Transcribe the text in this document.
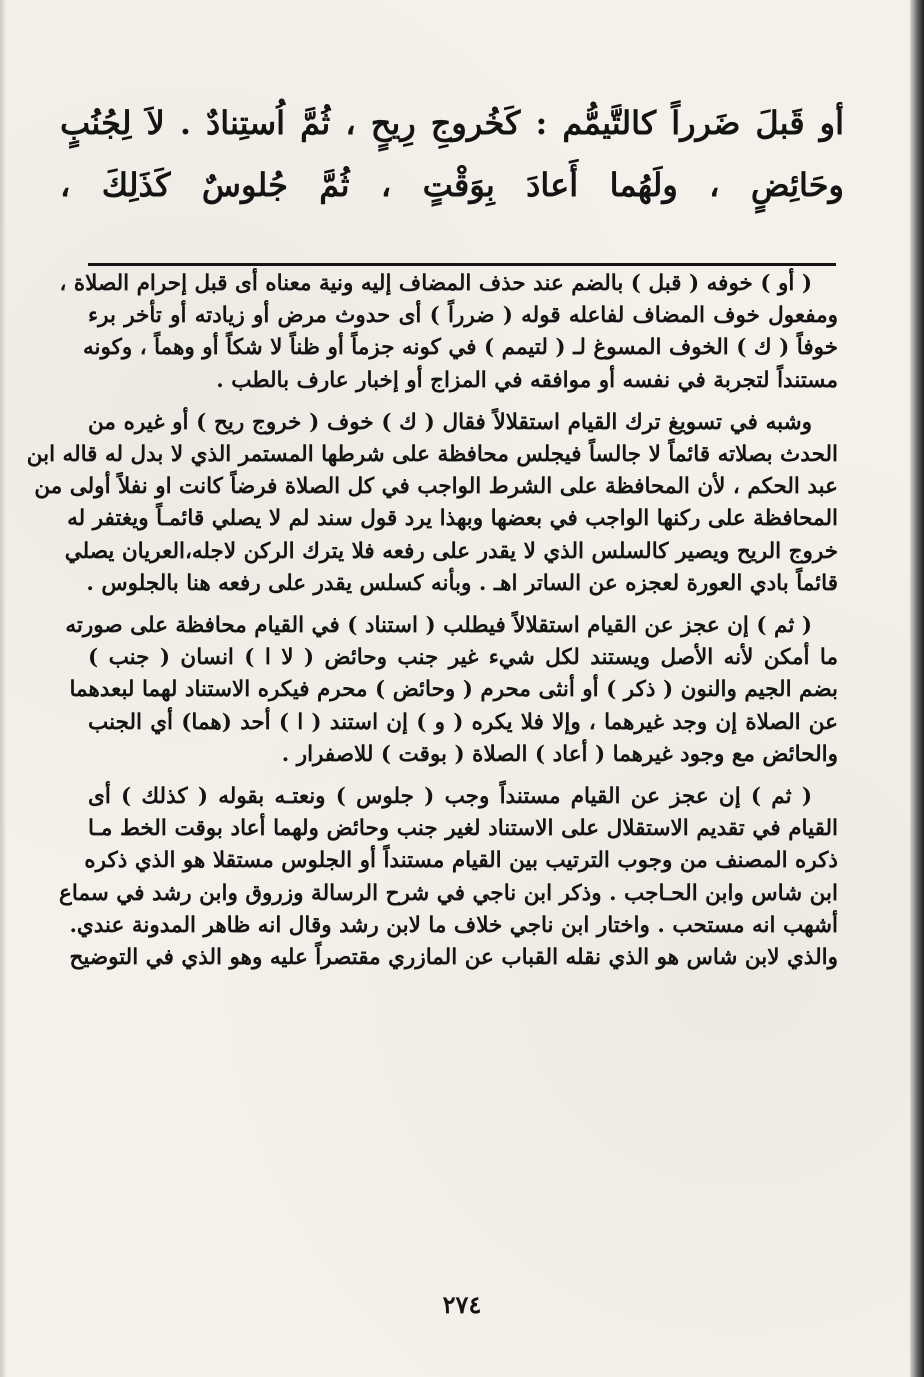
أو قَبلَ ضَرراً كالتَّيمُّم : كَخُروجِ رِيحٍ ، ثُمَّ اُستِنادٌ . لاَ لِجُنُبٍ
وحَائِضٍ ، ولَهُما أَعادَ بِوَقْتٍ ، ثُمَّ جُلوسٌ كَذَلِكَ ،
( أو ) خوفه ( قبل ) بالضم عند حذف المضاف إليه ونية معناه أى قبل إحرام الصلاة ،
ومفعول خوف المضاف لفاعله قوله ( ضرراً ) أى حدوث مرض أو زيادته أو تأخر برء
خوفاً ( ك ) الخوف المسوغ لـ ( لتيمم ) في كونه جزماً أو ظناً لا شكاً أو وهماً ، وكونه
مستنداً لتجربة في نفسه أو موافقه في المزاج أو إخبار عارف بالطب .
وشبه في تسويغ ترك القيام استقلالاً فقال ( ك ) خوف ( خروج ريح ) أو غيره من
الحدث بصلاته قائماً لا جالساً فيجلس محافظة على شرطها المستمر الذي لا بدل له قاله ابن
عبد الحكم ، لأن المحافظة على الشرط الواجب في كل الصلاة فرضاً كانت او نفلاً أولى من
المحافظة على ركنها الواجب في بعضها وبهذا يرد قول سند لم لا يصلي قائمـاً ويغتفر له
خروج الريح ويصير كالسلس الذي لا يقدر على رفعه فلا يترك الركن لاجله،العريان يصلي
قائماً بادي العورة لعجزه عن الساتر اهـ . وبأنه كسلس يقدر على رفعه هنا بالجلوس .
( ثم ) إن عجز عن القيام استقلالاً فيطلب ( استناد ) في القيام محافظة على صورته
ما أمكن لأنه الأصل ويستند لكل شيء غير جنب وحائض ( لا ا ) انسان ( جنب )
بضم الجيم والنون ( ذكر ) أو أنثى محرم ( وحائض ) محرم فيكره الاستناد لهما لبعدهما
عن الصلاة إن وجد غيرهما ، وإلا فلا يكره ( و ) إن استند ( ا ) أحد (هما) أي الجنب
والحائض مع وجود غيرهما ( أعاد ) الصلاة ( بوقت ) للاصفرار .
( ثم ) إن عجز عن القيام مستنداً وجب ( جلوس ) ونعتـه بقوله ( كذلك ) أى
القيام في تقديم الاستقلال على الاستناد لغير جنب وحائض ولهما أعاد بوقت الخط مـا
ذكره المصنف من وجوب الترتيب بين القيام مستنداً أو الجلوس مستقلا هو الذي ذكره
ابن شاس وابن الحـاجب . وذكر ابن ناجي في شرح الرسالة وزروق وابن رشد في سماع
أشهب انه مستحب . واختار ابن ناجي خلاف ما لابن رشد وقال انه ظاهر المدونة عندي.
والذي لابن شاس هو الذي نقله القباب عن المازري مقتصراً عليه وهو الذي في التوضيح
٢٧٤
